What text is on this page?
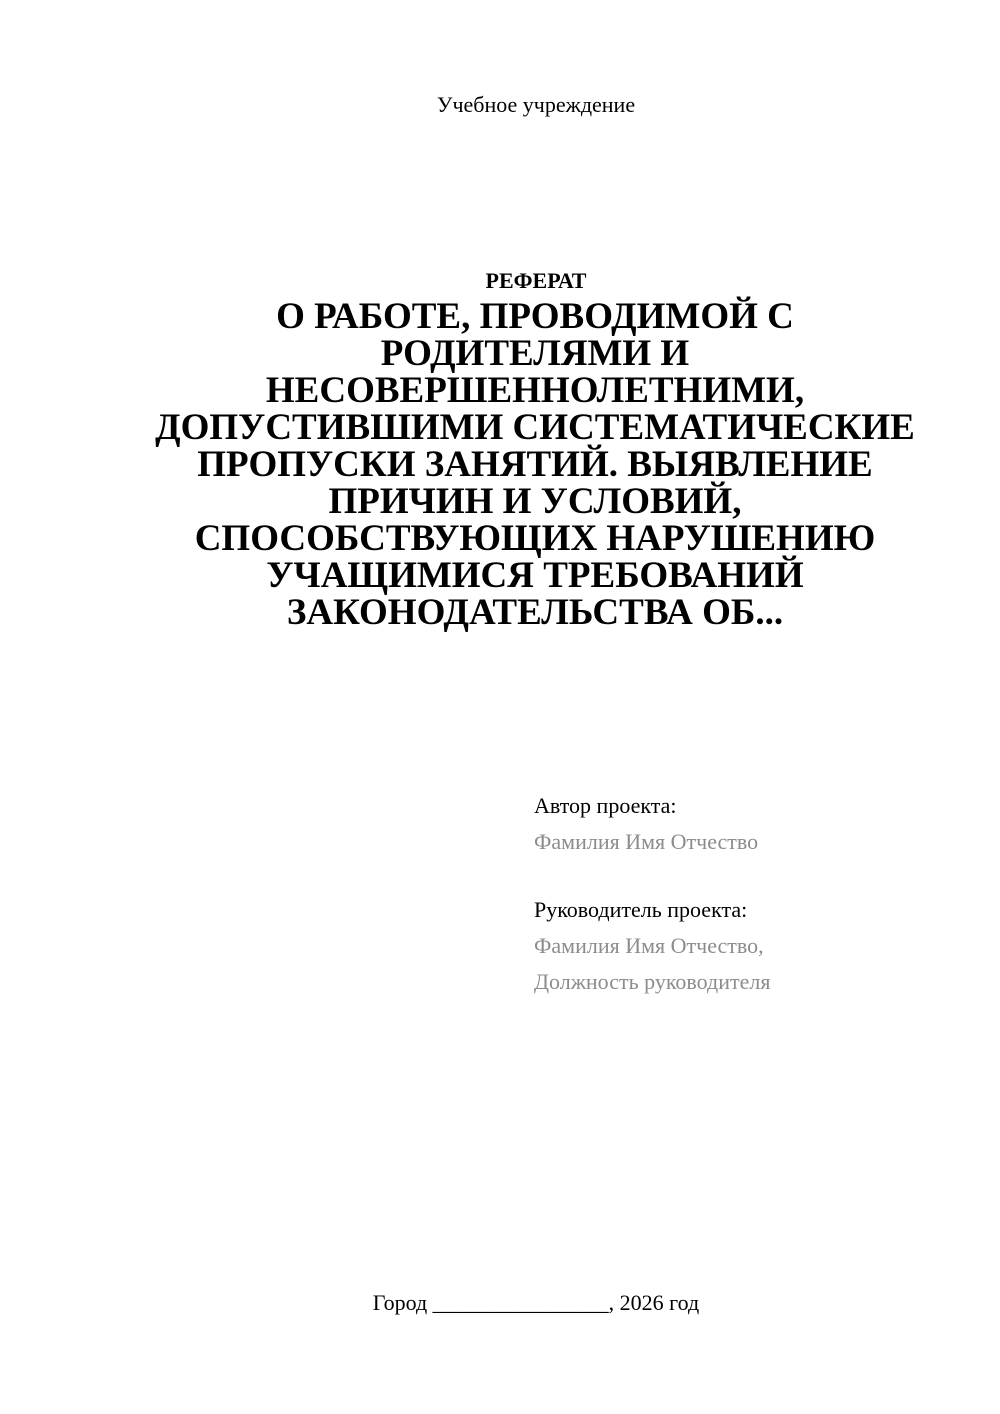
Учебное учреждение
РЕФЕРАТ
О РАБОТЕ, ПРОВОДИМОЙ С РОДИТЕЛЯМИ И НЕСОВЕРШЕННОЛЕТНИМИ, ДОПУСТИВШИМИ СИСТЕМАТИЧЕСКИЕ ПРОПУСКИ ЗАНЯТИЙ. ВЫЯВЛЕНИЕ ПРИЧИН И УСЛОВИЙ, СПОСОБСТВУЮЩИХ НАРУШЕНИЮ УЧАЩИМИСЯ ТРЕБОВАНИЙ ЗАКОНОДАТЕЛЬСТВА ОБ...
Автор проекта:
Фамилия Имя Отчество
Руководитель проекта:
Фамилия Имя Отчество,
Должность руководителя
Город ________________, 2026 год
